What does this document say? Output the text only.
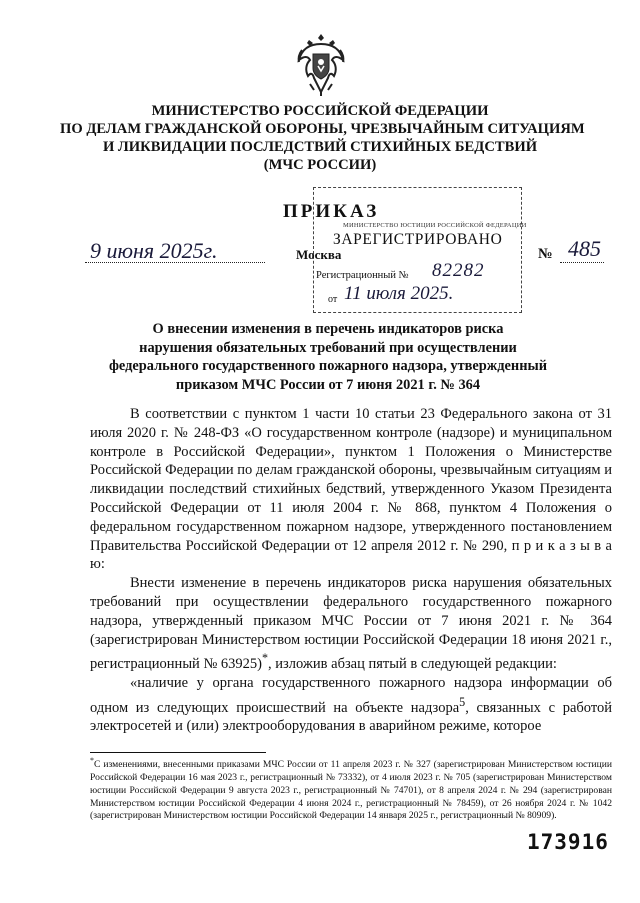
МИНИСТЕРСТВО РОССИЙСКОЙ ФЕДЕРАЦИИ
ПО ДЕЛАМ ГРАЖДАНСКОЙ ОБОРОНЫ, ЧРЕЗВЫЧАЙНЫМ СИТУАЦИЯМ
И ЛИКВИДАЦИИ ПОСЛЕДСТВИЙ СТИХИЙНЫХ БЕДСТВИЙ
(МЧС РОССИИ)
ПРИКАЗ
МИНИСТЕРСТВО ЮСТИЦИИ РОССИЙСКОЙ ФЕДЕРАЦИИ
ЗАРЕГИСТРИРОВАНО
Регистрационный № 82282
от 11 июля 2025.
9 июня 2025г.	Москва	№ 485
О внесении изменения в перечень индикаторов риска
нарушения обязательных требований при осуществлении
федерального государственного пожарного надзора, утвержденный
приказом МЧС России от 7 июня 2021 г. № 364

В соответствии с пунктом 1 части 10 статьи 23 Федерального закона от 31 июля 2020 г. № 248-ФЗ «О государственном контроле (надзоре) и муниципальном контроле в Российской Федерации», пунктом 1 Положения о Министерстве Российской Федерации по делам гражданской обороны, чрезвычайным ситуациям и ликвидации последствий стихийных бедствий, утвержденного Указом Президента Российской Федерации от 11 июля 2004 г. № 868, пунктом 4 Положения о федеральном государственном пожарном надзоре, утвержденного постановлением Правительства Российской Федерации от 12 апреля 2012 г. № 290, п р и к а з ы в а ю:

Внести изменение в перечень индикаторов риска нарушения обязательных требований при осуществлении федерального государственного пожарного надзора, утвержденный приказом МЧС России от 7 июня 2021 г. № 364 (зарегистрирован Министерством юстиции Российской Федерации 18 июня 2021 г., регистрационный № 63925)*, изложив абзац пятый в следующей редакции:

«наличие у органа государственного пожарного надзора информации об одном из следующих происшествий на объекте надзора$^5$, связанных с работой электросетей и (или) электрооборудования в аварийном режиме, которое

*С изменениями, внесенными приказами МЧС России от 11 апреля 2023 г. № 327 (зарегистрирован Министерством юстиции Российской Федерации 16 мая 2023 г., регистрационный № 73332), от 4 июля 2023 г. № 705 (зарегистрирован Министерством юстиции Российской Федерации 9 августа 2023 г., регистрационный № 74701), от 8 апреля 2024 г. № 294 (зарегистрирован Министерством юстиции Российской Федерации 4 июня 2024 г., регистрационный № 78459), от 26 ноября 2024 г. № 1042 (зарегистрирован Министерством юстиции Российской Федерации 14 января 2025 г., регистрационный № 80909).
173916
